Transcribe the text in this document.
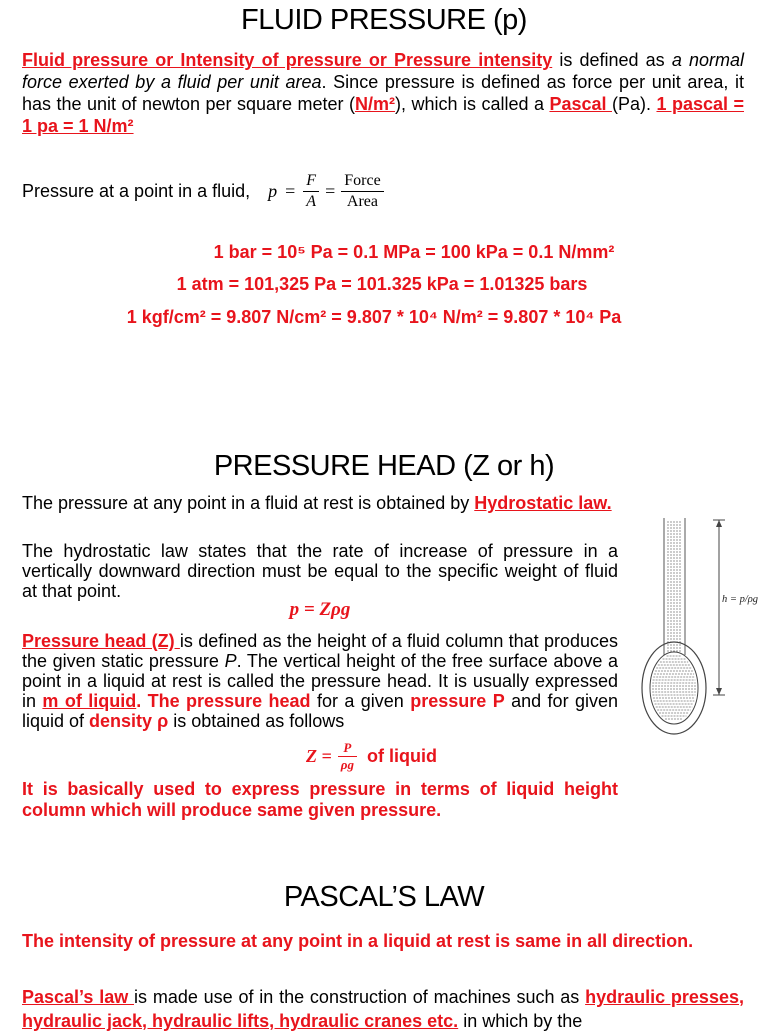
FLUID PRESSURE (p)

Fluid pressure or Intensity of pressure or Pressure intensity is defined as a normal force exerted by a fluid per unit area. Since pressure is defined as force per unit area, it has the unit of newton per square meter (N/m²), which is called a Pascal (Pa). 1 pascal = 1 pa = 1 N/m²

Pressure at a point in a fluid, $p = \frac{F}{A} = \frac{\text{Force}}{\text{Area}}$

1 bar = 10⁵ Pa = 0.1 MPa = 100 kPa = 0.1 N/mm²

1 atm = 101,325 Pa = 101.325 kPa = 1.01325 bars

1 kgf/cm² = 9.807 N/cm² = 9.807 * 10⁴ N/m² = 9.807 * 10⁴ Pa

PRESSURE HEAD (Z or h)

The pressure at any point in a fluid at rest is obtained by Hydrostatic law.

The hydrostatic law states that the rate of increase of pressure in a vertically downward direction must be equal to the specific weight of fluid at that point.

p = Zρg

Pressure head (Z) is defined as the height of a fluid column that produces the given static pressure P. The vertical height of the free surface above a point in a liquid at rest is called the pressure head. It is usually expressed in m of liquid. The pressure head for a given pressure P and for given liquid of density ρ is obtained as follows

$Z = \frac{P}{\rho g}$ of liquid

It is basically used to express pressure in terms of liquid height column which will produce same given pressure.

h = p/ρg
PASCAL’S LAW

The intensity of pressure at any point in a liquid at rest is same in all direction.

Pascal’s law is made use of in the construction of machines such as hydraulic presses, hydraulic jack, hydraulic lifts, hydraulic cranes etc. in which by the
